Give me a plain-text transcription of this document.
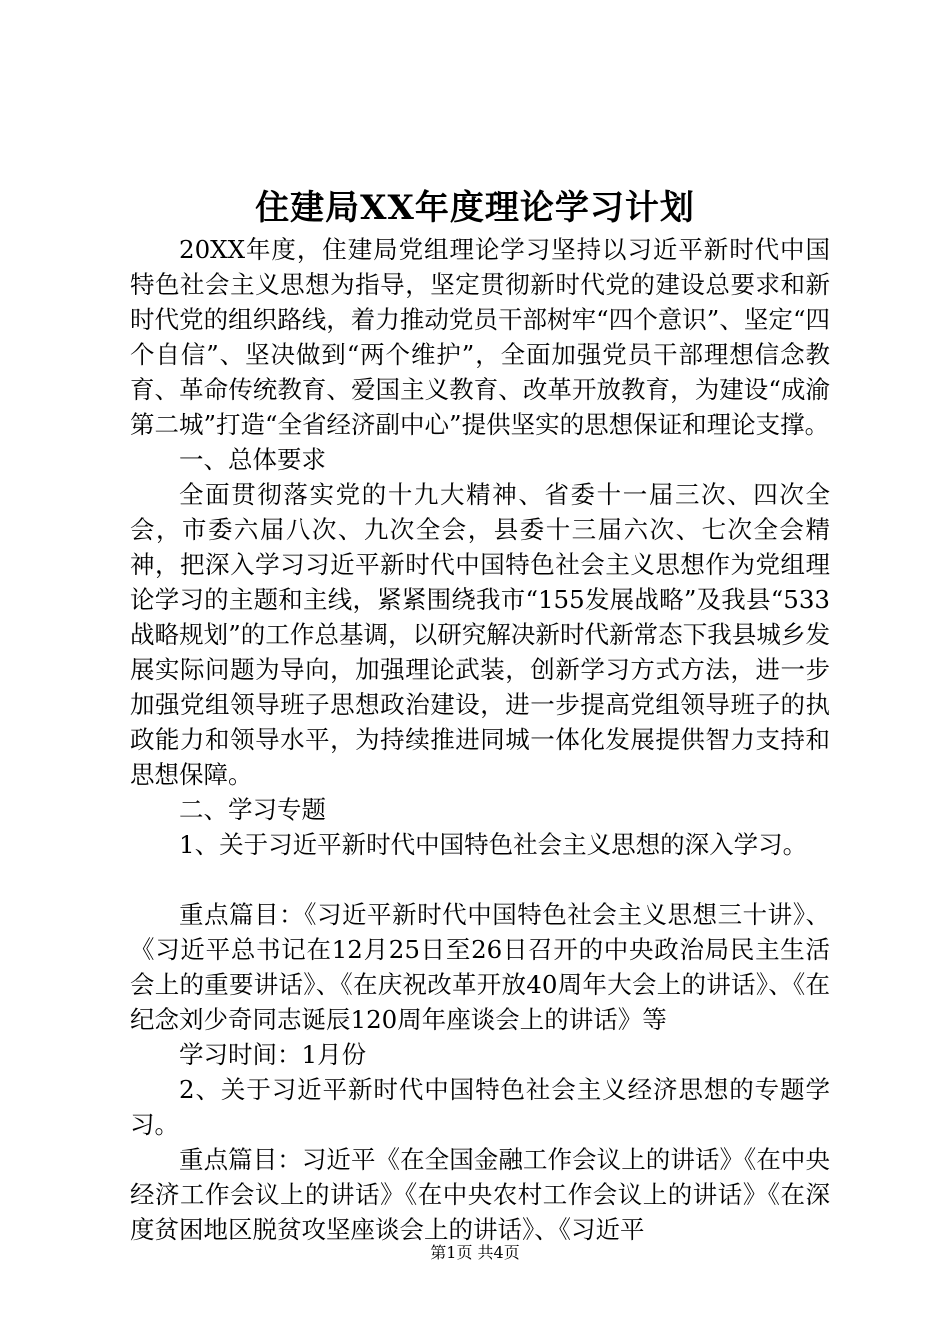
住建局XX年度理论学习计划

20XX年度，住建局党组理论学习坚持以习近平新时代中国特色社会主义思想为指导，坚定贯彻新时代党的建设总要求和新时代党的组织路线，着力推动党员干部树牢“四个意识”、坚定“四个自信”、坚决做到“两个维护”，全面加强党员干部理想信念教育、革命传统教育、爱国主义教育、改革开放教育，为建设“成渝第二城”打造“全省经济副中心”提供坚实的思想保证和理论支撑。

一、总体要求

全面贯彻落实党的十九大精神、省委十一届三次、四次全会，市委六届八次、九次全会，县委十三届六次、七次全会精神，把深入学习习近平新时代中国特色社会主义思想作为党组理论学习的主题和主线，紧紧围绕我市“155发展战略”及我县“533战略规划”的工作总基调，以研究解决新时代新常态下我县城乡发展实际问题为导向，加强理论武装，创新学习方式方法，进一步加强党组领导班子思想政治建设，进一步提高党组领导班子的执政能力和领导水平，为持续推进同城一体化发展提供智力支持和思想保障。

二、学习专题

1、关于习近平新时代中国特色社会主义思想的深入学习。

重点篇目：《习近平新时代中国特色社会主义思想三十讲》、《习近平总书记在12月25日至26日召开的中央政治局民主生活会上的重要讲话》、《在庆祝改革开放40周年大会上的讲话》、《在纪念刘少奇同志诞辰120周年座谈会上的讲话》等

学习时间：1月份

2、关于习近平新时代中国特色社会主义经济思想的专题学习。

重点篇目：习近平《在全国金融工作会议上的讲话》《在中央经济工作会议上的讲话》《在中央农村工作会议上的讲话》《在深度贫困地区脱贫攻坚座谈会上的讲话》、《习近平

第1页 共4页
